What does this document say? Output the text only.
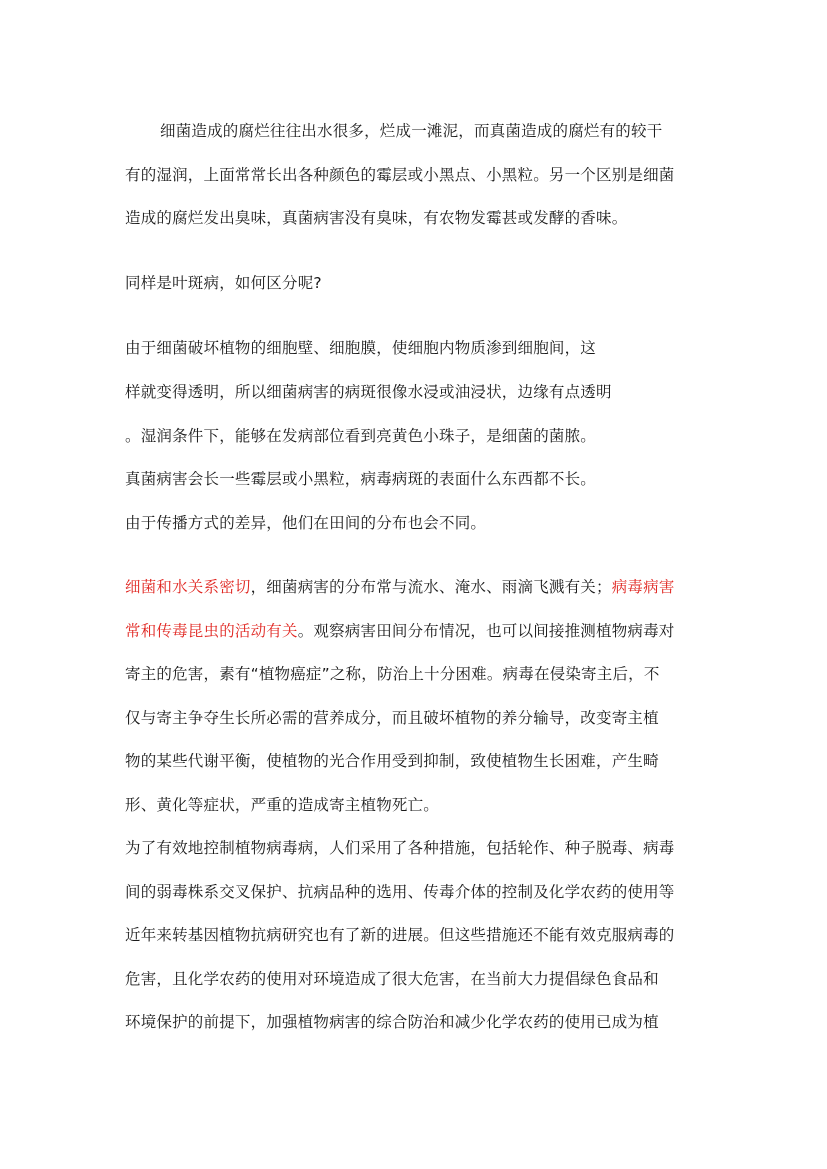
细菌造成的腐烂往往出水很多，烂成一滩泥，而真菌造成的腐烂有的较干
有的湿润，上面常常长出各种颜色的霉层或小黑点、小黑粒。另一个区别是细菌
造成的腐烂发出臭味，真菌病害没有臭味，有农物发霉甚或发酵的香味。
同样是叶斑病，如何区分呢?
由于细菌破坏植物的细胞壁、细胞膜，使细胞内物质渗到细胞间，这
样就变得透明，所以细菌病害的病斑很像水浸或油浸状，边缘有点透明
。湿润条件下，能够在发病部位看到亮黄色小珠子，是细菌的菌脓。
真菌病害会长一些霉层或小黑粒，病毒病斑的表面什么东西都不长。
由于传播方式的差异，他们在田间的分布也会不同。
细菌和水关系密切，细菌病害的分布常与流水、淹水、雨滴飞溅有关；病毒病害
常和传毒昆虫的活动有关。观察病害田间分布情况，也可以间接推测植物病毒对
寄主的危害，素有“植物癌症”之称，防治上十分困难。病毒在侵染寄主后，不
仅与寄主争夺生长所必需的营养成分，而且破坏植物的养分输导，改变寄主植
物的某些代谢平衡，使植物的光合作用受到抑制，致使植物生长困难，产生畸
形、黄化等症状，严重的造成寄主植物死亡。
为了有效地控制植物病毒病，人们采用了各种措施，包括轮作、种子脱毒、病毒
间的弱毒株系交叉保护、抗病品种的选用、传毒介体的控制及化学农药的使用等
近年来转基因植物抗病研究也有了新的进展。但这些措施还不能有效克服病毒的
危害，且化学农药的使用对环境造成了很大危害，在当前大力提倡绿色食品和
环境保护的前提下，加强植物病害的综合防治和减少化学农药的使用已成为植
